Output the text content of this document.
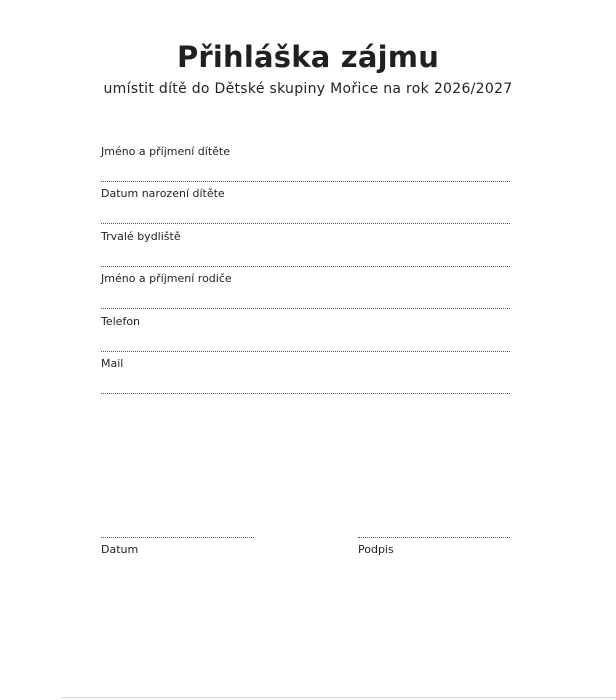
Přihláška zájmu

umístit dítě do Dětské skupiny Mořice na rok 2026/2027

Jméno a příjmení dítěte
Datum narození dítěte
Trvalé bydliště
Jméno a příjmení rodiče
Telefon
Mail
Datum	Podpis
